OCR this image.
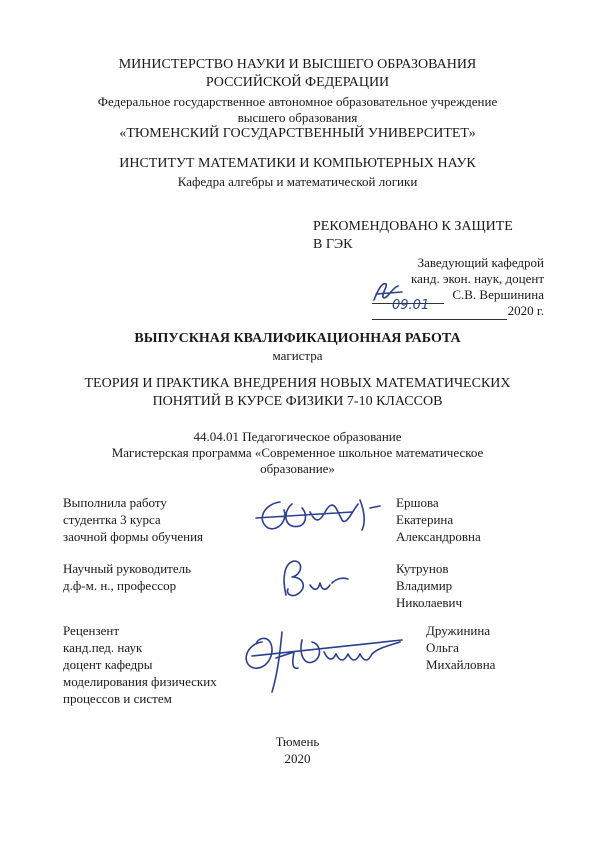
МИНИСТЕРСТВО НАУКИ И ВЫСШЕГО ОБРАЗОВАНИЯ
РОССИЙСКОЙ ФЕДЕРАЦИИ
Федеральное государственное автономное образовательное учреждение
высшего образования
«ТЮМЕНСКИЙ ГОСУДАРСТВЕННЫЙ УНИВЕРСИТЕТ»
ИНСТИТУТ МАТЕМАТИКИ И КОМПЬЮТЕРНЫХ НАУК
Кафедра алгебры и математической логики
РЕКОМЕНДОВАНО К ЗАЩИТЕ
В ГЭК
Заведующий кафедрой
канд. экон. наук, доцент

С.В. Вершинина

09.01	2020 г.
ВЫПУСКНАЯ КВАЛИФИКАЦИОННАЯ РАБОТА
магистра
ТЕОРИЯ И ПРАКТИКА ВНЕДРЕНИЯ НОВЫХ МАТЕМАТИЧЕСКИХ
ПОНЯТИЙ В КУРСЕ ФИЗИКИ 7-10 КЛАССОВ
44.04.01 Педагогическое образование
Магистерская программа «Современное школьное математическое
образование»
Выполнила работу
студентка 3 курса
заочной формы обучения
Ершова
Екатерина
Александровна
Научный руководитель
д.ф-м. н., профессор
Кутрунов
Владимир
Николаевич
Рецензент
канд.пед. наук
доцент кафедры
моделирования физических
процессов и систем
Дружинина
Ольга
Михайловна
Тюмень
2020
